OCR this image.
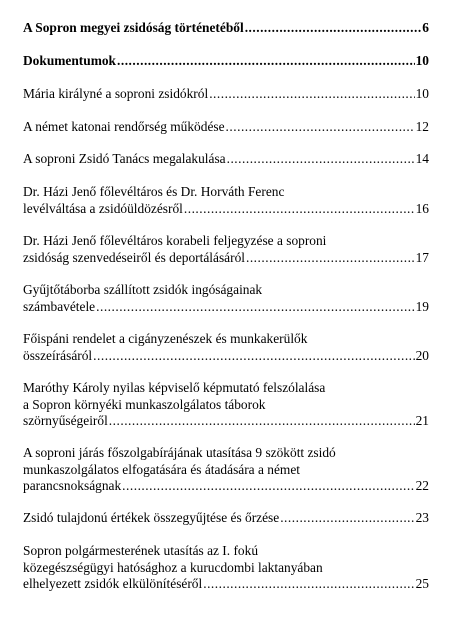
A Sopron megyei zsidóság történetéből .....	6
Dokumentumok .....	10
Mária királyné a soproni zsidókról .....	10
A német katonai rendőrség működése .....	12
A soproni Zsidó Tanács megalakulása .....	14
Dr. Házi Jenő főlevéltáros és Dr. Horváth Ferenc
levélváltása a zsidóüldözésről .....	16
Dr. Házi Jenő főlevéltáros korabeli feljegyzése a soproni
zsidóság szenvedéseiről és deportálásáról .....	17
Gyűjtőtáborba szállított zsidók ingóságainak
számbavétele .....	19
Főispáni rendelet a cigányzenészek és munkakerülők
összeírásáról .....	20
Maróthy Károly nyilas képviselő képmutató felszólalása
a Sopron környéki munkaszolgálatos táborok
szörnyűségeiről .....	21
A soproni járás főszolgabírájának utasítása 9 szökött zsidó
munkaszolgálatos elfogatására és átadására a német
parancsnokságnak .....	22
Zsidó tulajdonú értékek összegyűjtése és őrzése .....	23
Sopron polgármesterének utasítás az I. fokú
közegészségügyi hatósághoz a kurucdombi laktanyában
elhelyezett zsidók elkülönítéséről .....	25
